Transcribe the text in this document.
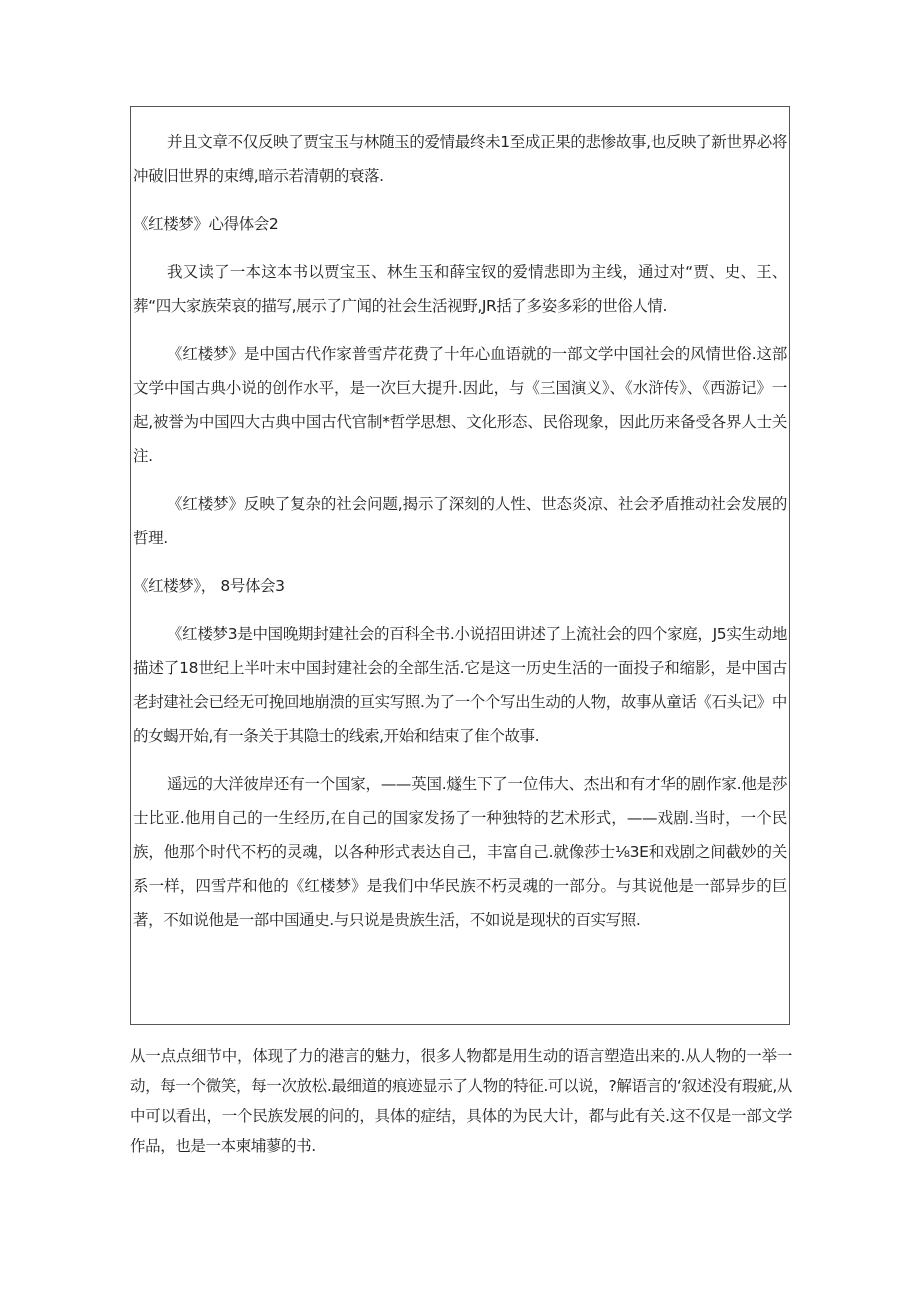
并且文章不仅反映了贾宝玉与林随玉的爱情最终未1至成正果的悲惨故事,也反映了新世界必将冲破旧世界的束缚,暗示若清朝的衰落.

《红楼梦》心得体会2

我又读了一本这本书以贾宝玉、林生玉和薛宝钗的爱情悲即为主线，通过对“贾、史、王、葬“四大家族荣哀的描写,展示了广闻的社会生活视野,JR括了多姿多彩的世俗人情.

《红楼梦》是中国古代作家普雪芹花费了十年心血语就的一部文学中国社会的风情世俗.这部文学中国古典小说的创作水平，是一次巨大提升.因此，与《三国演义》、《水浒传》、《西游记》一起,被誉为中国四大古典中国古代官制*哲学思想、文化形态、民俗现象，因此历来备受各界人士关注.

《红楼梦》反映了复杂的社会问题,揭示了深刻的人性、世态炎凉、社会矛盾推动社会发展的哲理.

《红楼梦》， 8号体会3

《红楼梦3是中国晚期封建社会的百科全书.小说招田讲述了上流社会的四个家庭，J5实生动地描述了18世纪上半叶末中国封建社会的全部生活.它是这一历史生活的一面投子和缩影，是中国古老封建社会已经无可挽回地崩溃的亘实写照.为了一个个写出生动的人物，故事从童话《石头记》中的女蝎开始,有一条关于其隐士的线索,开始和结束了隹个故事.

遥远的大洋彼岸还有一个国家，——英国.燧生下了一位伟大、杰出和有才华的剧作家.他是莎士比亚.他用自己的一生经历,在自己的国家发扬了一种独特的艺术形式，——戏剧.当时，一个民族，他那个时代不朽的灵魂，以各种形式表达自己，丰富自己.就像莎士⅛3E和戏剧之间截妙的关系一样，四雪芹和他的《红楼梦》是我们中华民族不朽灵魂的一部分。与其说他是一部异步的巨著，不如说他是一部中国通史.与只说是贵族生活，不如说是现状的百实写照.

从一点点细节中，体现了力的港言的魅力，很多人物都是用生动的语言塑造出来的.从人物的一举一动，每一个微笑，每一次放松.最细道的痕迹显示了人物的特征.可以说，?解语言的‘叙述没有瑕疵,从中可以看出，一个民族发展的问的，具体的症结，具体的为民大计，都与此有关.这不仅是一部文学作品，也是一本柬埔蓼的书.
